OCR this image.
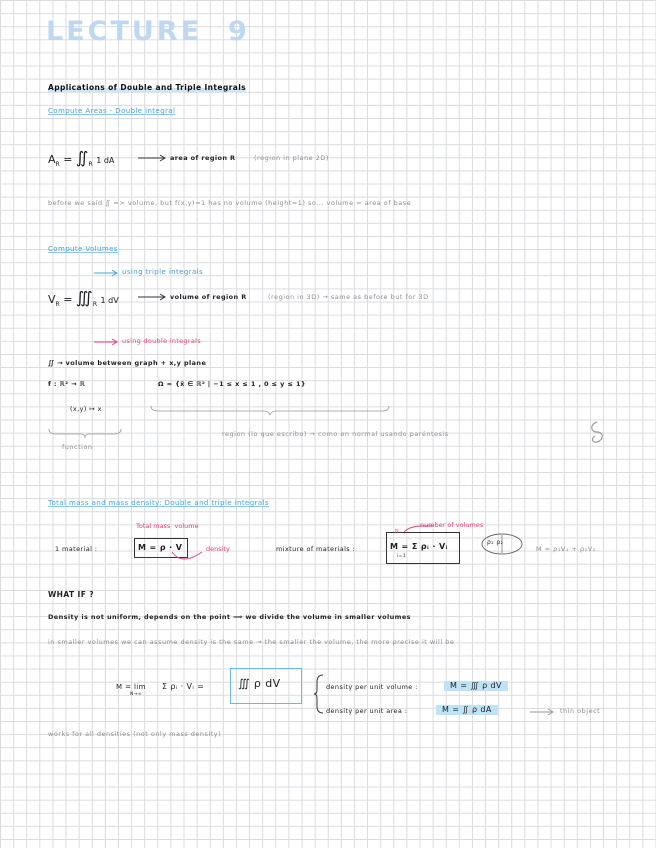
LECTURE 9
Applications of Double and Triple Integrals
Compute Areas - Double integral
$A_R$ = $∬_R$ 1 dA	area of region R	(region in plane 2D)
before we said ∬ => volume, but f(x,y)=1 has no volume (height=1) so... volume = area of base
Compute Volumes
using triple integrals
$V_R$ = $∭_R$ 1 dV	volume of region R	(region in 3D) → same as before but for 3D
using double integrals
∬ → volume between graph + x,y plane
f : ℝ² → ℝ	Ω = {x̄ ∈ ℝ² | −1 ≤ x ≤ 1 , 0 ≤ y ≤ 1}
(x,y) ↦ x
function
region (lo que escribo) → como en normal usando paréntesis
Total mass and mass density: Double and triple integrals
Total mass volume
1 material :	M = ρ · V	density	mixture of materials :
N
M = Σ ρᵢ · Vᵢ
i=1
number of volumes
ρ₁ ρ₂
M = ρ₁V₁ + ρ₂V₂
WHAT IF ?
Density is not uniform, depends on the point ⟹ we divide the volume in smaller volumes
in smaller volumes we can assume density is the same → the smaller the volume, the more precise it will be
M = lim
N→∞
Σ ρᵢ · Vᵢ =	∭ ρ dV	density per unit volume :	M = ∭ ρ dV
density per unit area :	M = ∬ ρ dA	thin object
works for all densities (not only mass density)
